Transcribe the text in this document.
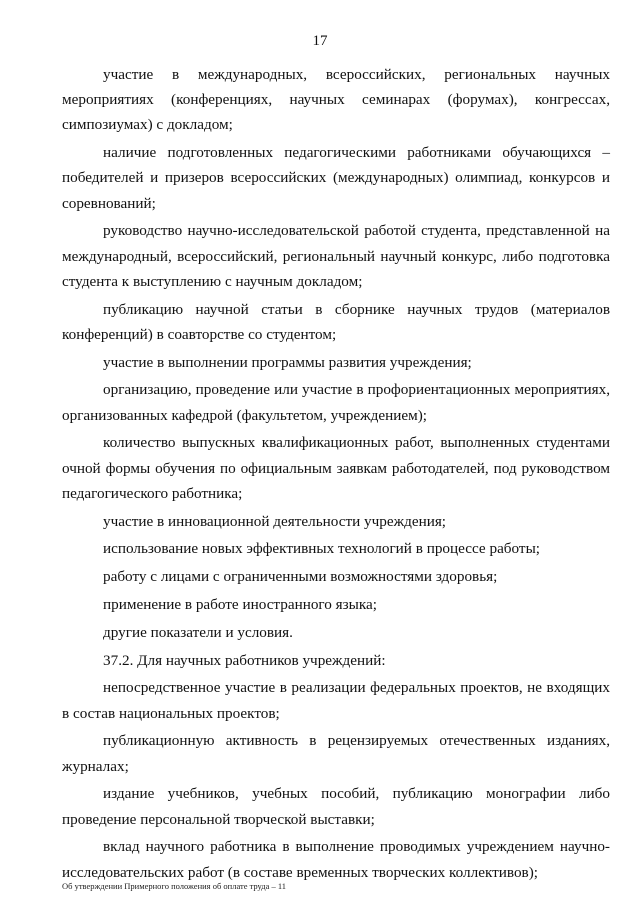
17

участие в международных, всероссийских, региональных научных мероприятиях (конференциях, научных семинарах (форумах), конгрессах, симпозиумах) с докладом;

наличие подготовленных педагогическими работниками обучающихся – победителей и призеров всероссийских (международных) олимпиад, конкурсов и соревнований;

руководство научно-исследовательской работой студента, представленной на международный, всероссийский, региональный научный конкурс, либо подготовка студента к выступлению с научным докладом;

публикацию научной статьи в сборнике научных трудов (материалов конференций) в соавторстве со студентом;

участие в выполнении программы развития учреждения;

организацию, проведение или участие в профориентационных мероприятиях, организованных кафедрой (факультетом, учреждением);

количество выпускных квалификационных работ, выполненных студентами очной формы обучения по официальным заявкам работодателей, под руководством педагогического работника;

участие в инновационной деятельности учреждения;

использование новых эффективных технологий в процессе работы;

работу с лицами с ограниченными возможностями здоровья;

применение в работе иностранного языка;

другие показатели и условия.

37.2. Для научных работников учреждений:

непосредственное участие в реализации федеральных проектов, не входящих в состав национальных проектов;

публикационную активность в рецензируемых отечественных изданиях, журналах;

издание учебников, учебных пособий, публикацию монографии либо проведение персональной творческой выставки;

вклад научного работника в выполнение проводимых учреждением научно-исследовательских работ (в составе временных творческих коллективов);

Об утверждении Примерного положения об оплате труда – 11
